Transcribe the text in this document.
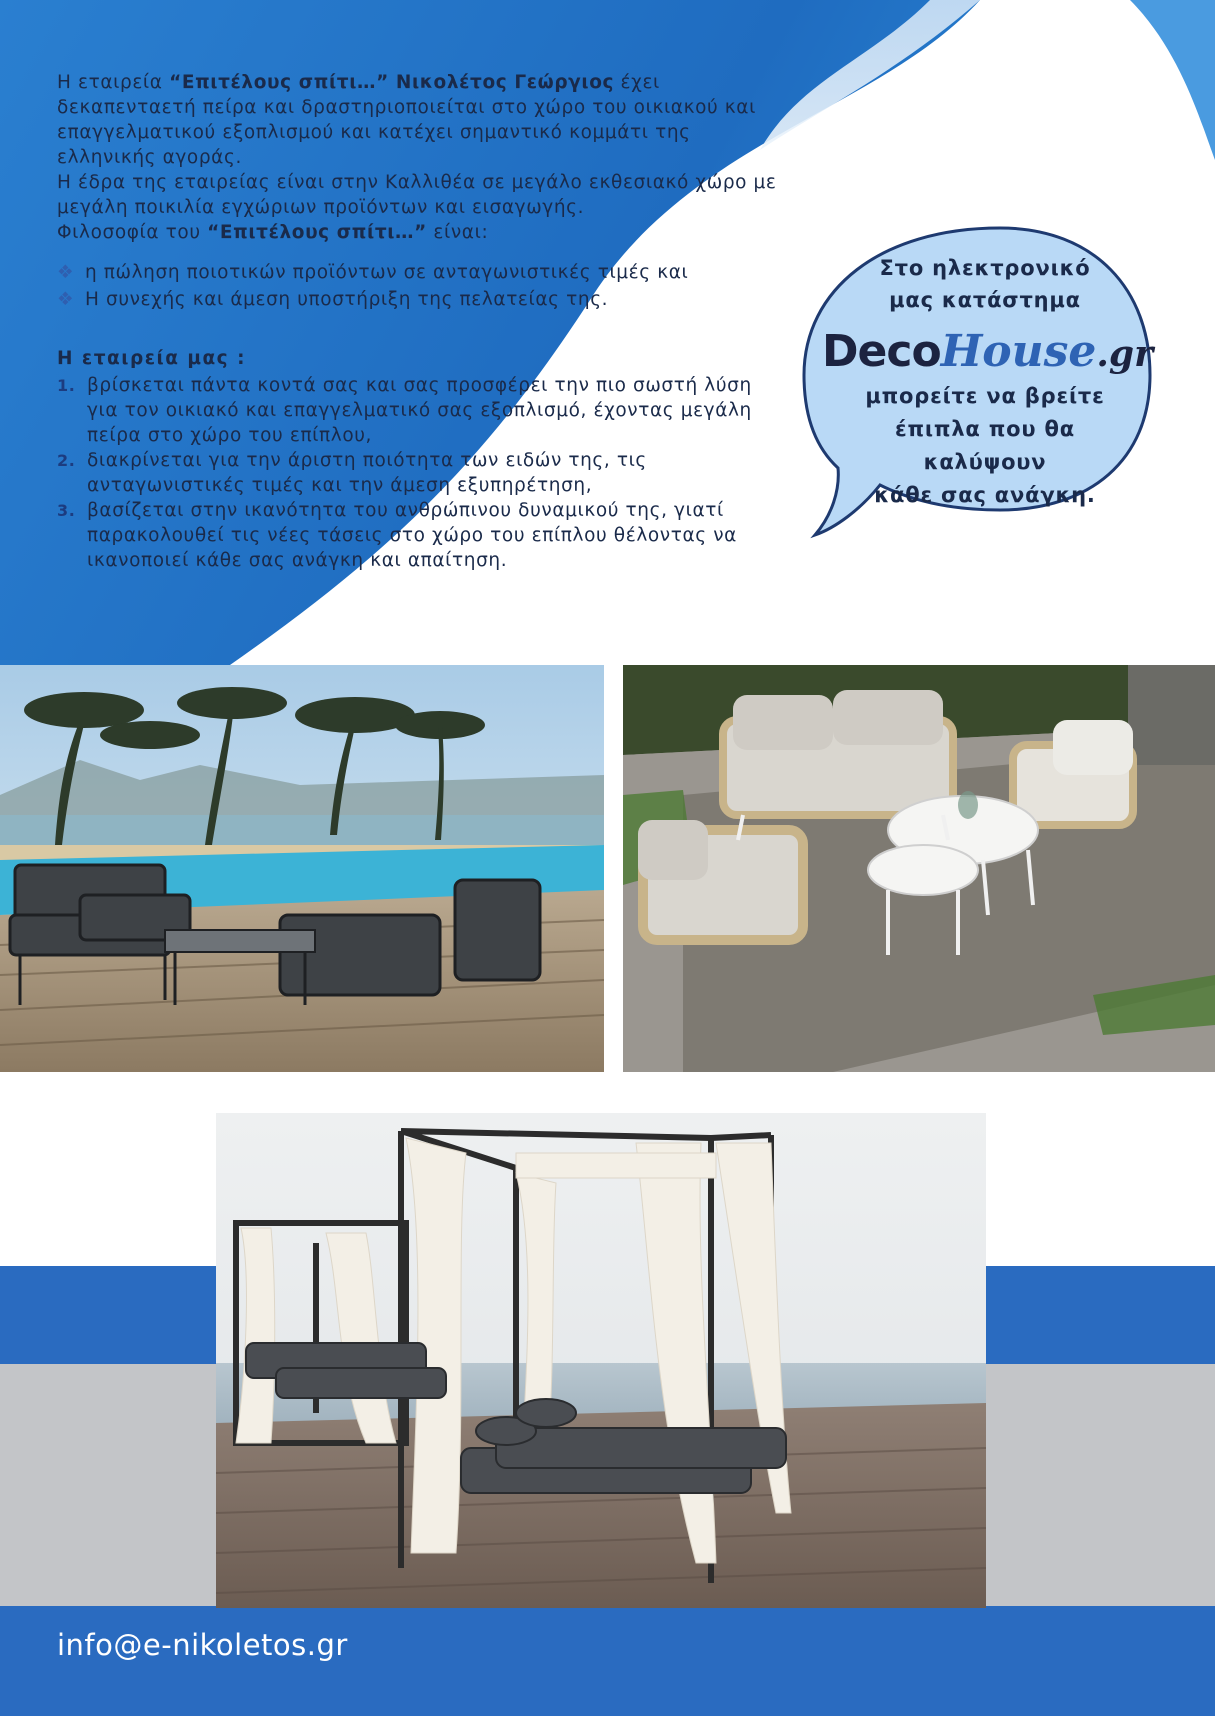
Η εταιρεία “Επιτέλους σπίτι…” Νικολέτος Γεώργιος έχει δεκαπενταετή πείρα και δραστηριοποιείται στο χώρο του οικιακού και επαγγελματικού εξοπλισμού και κατέχει σημαντικό κομμάτι της ελληνικής αγοράς.
Η έδρα της εταιρείας είναι στην Καλλιθέα σε μεγάλο εκθεσιακό χώρο με μεγάλη ποικιλία εγχώριων προϊόντων και εισαγωγής.
Φιλοσοφία του “Επιτέλους σπίτι…” είναι:

❖ η πώληση ποιοτικών προϊόντων σε ανταγωνιστικές τιμές και
❖ Η συνεχής και άμεση υποστήριξη της πελατείας της.

Η εταιρεία μας :

1. βρίσκεται πάντα κοντά σας και σας προσφέρει την πιο σωστή λύση για τον οικιακό και επαγγελματικό σας εξοπλισμό, έχοντας μεγάλη πείρα στο χώρο του επίπλου,
2. διακρίνεται για την άριστη ποιότητα των ειδών της, τις ανταγωνιστικές τιμές και την άμεση εξυπηρέτηση,
3. βασίζεται στην ικανότητα του ανθρώπινου δυναμικού της, γιατί παρακολουθεί τις νέες τάσεις στο χώρο του επίπλου θέλοντας να ικανοποιεί κάθε σας ανάγκη και απαίτηση.
Στο ηλεκτρονικό
μας κατάστημα
DecoHouse.gr
μπορείτε να βρείτε
έπιπλα που θα
καλύψουν
κάθε σας ανάγκη.
info@e-nikoletos.gr
